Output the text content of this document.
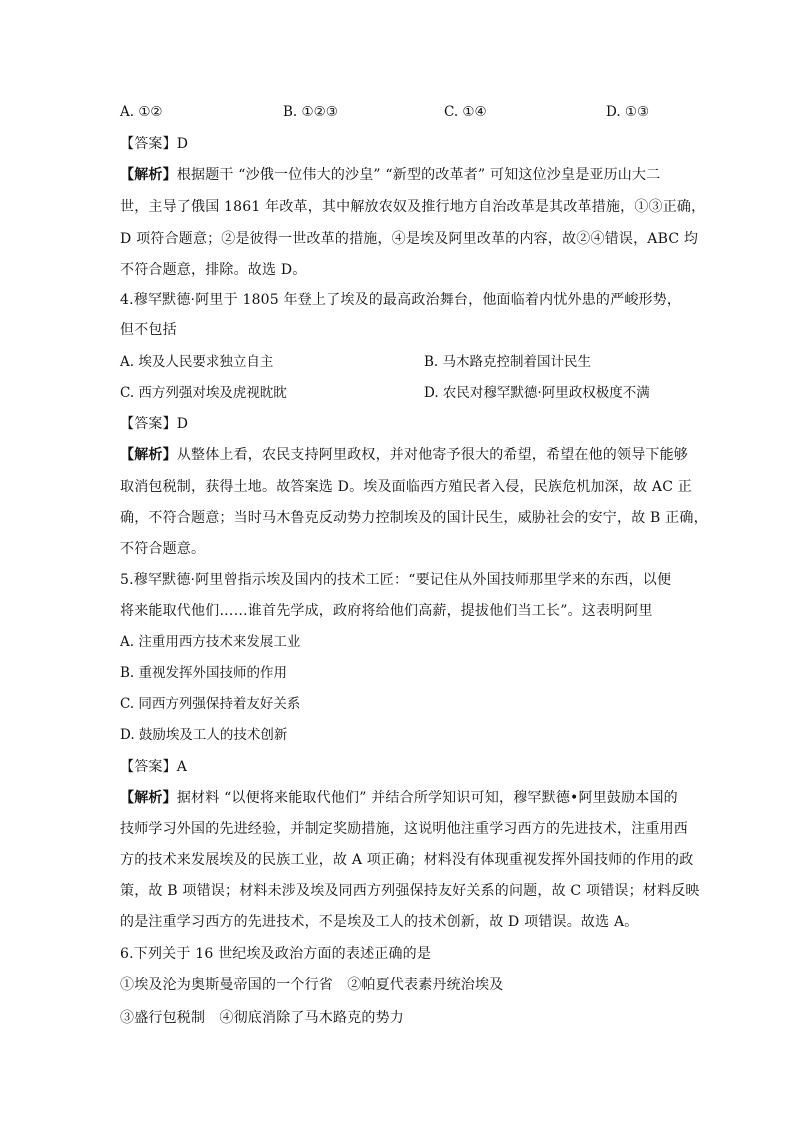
A. ①②	B. ①②③	C. ①④	D. ①③
【答案】D
【解析】根据题干 “沙俄一位伟大的沙皇” “新型的改革者” 可知这位沙皇是亚历山大二
世，主导了俄国 1861 年改革，其中解放农奴及推行地方自治改革是其改革措施，①③正确，
D 项符合题意；②是彼得一世改革的措施，④是埃及阿里改革的内容，故②④错误，ABC 均
不符合题意，排除。故选 D。
4.穆罕默德·阿里于 1805 年登上了埃及的最高政治舞台，他面临着内忧外患的严峻形势，
但不包括
A. 埃及人民要求独立自主	B. 马木路克控制着国计民生
C. 西方列强对埃及虎视眈眈	D. 农民对穆罕默德·阿里政权极度不满
【答案】D
【解析】从整体上看，农民支持阿里政权，并对他寄予很大的希望，希望在他的领导下能够
取消包税制，获得土地。故答案选 D。埃及面临西方殖民者入侵，民族危机加深，故 AC 正
确，不符合题意；当时马木鲁克反动势力控制埃及的国计民生，威胁社会的安宁，故 B 正确，
不符合题意。
5.穆罕默德·阿里曾指示埃及国内的技术工匠：“要记住从外国技师那里学来的东西，以便
将来能取代他们……谁首先学成，政府将给他们高薪，提拔他们当工长”。这表明阿里
A. 注重用西方技术来发展工业
B. 重视发挥外国技师的作用
C. 同西方列强保持着友好关系
D. 鼓励埃及工人的技术创新
【答案】A
【解析】据材料 “以便将来能取代他们” 并结合所学知识可知，穆罕默德•阿里鼓励本国的
技师学习外国的先进经验，并制定奖励措施，这说明他注重学习西方的先进技术，注重用西
方的技术来发展埃及的民族工业，故 A 项正确；材料没有体现重视发挥外国技师的作用的政
策，故 B 项错误；材料未涉及埃及同西方列强保持友好关系的问题，故 C 项错误；材料反映
的是注重学习西方的先进技术，不是埃及工人的技术创新，故 D 项错误。故选 A。
6.下列关于 16 世纪埃及政治方面的表述正确的是
①埃及沦为奥斯曼帝国的一个行省　②帕夏代表素丹统治埃及
③盛行包税制　④彻底消除了马木路克的势力
